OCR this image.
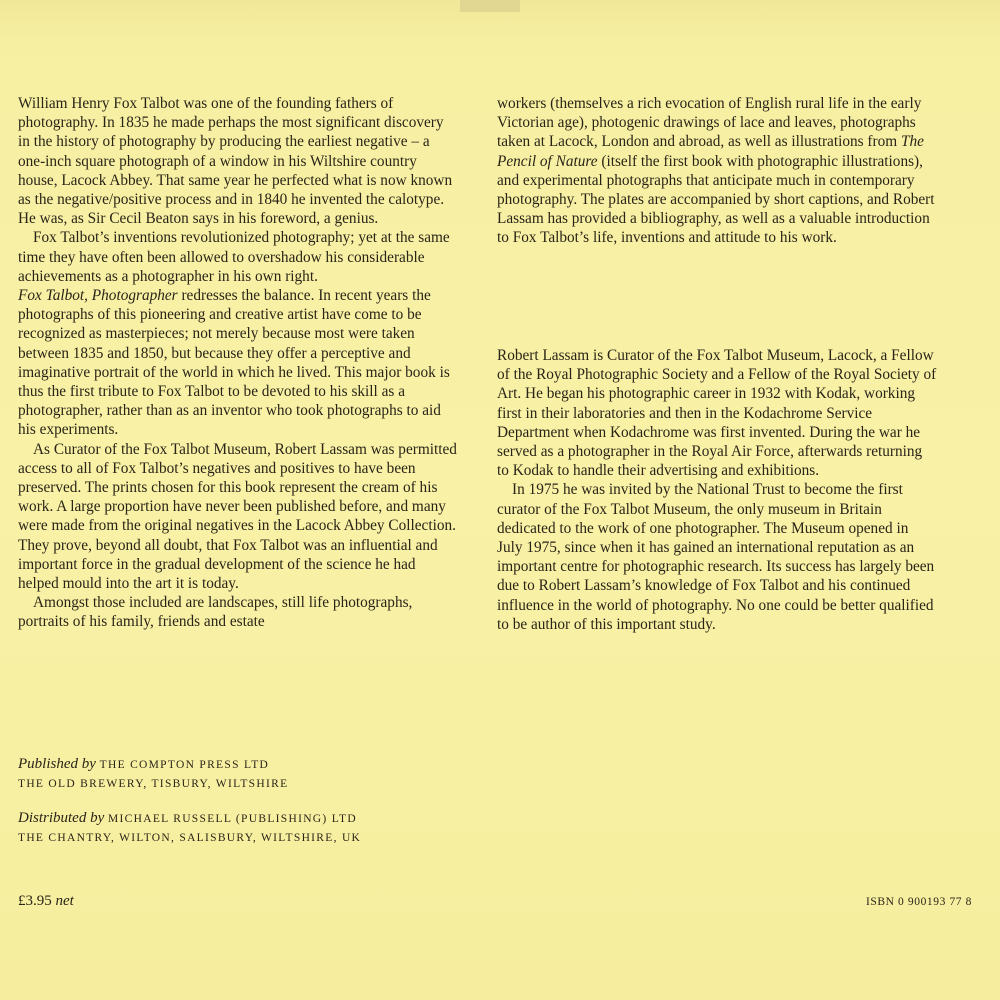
William Henry Fox Talbot was one of the founding fathers of photography. In 1835 he made perhaps the most significant discovery in the history of photography by producing the earliest negative – a one-inch square photograph of a window in his Wiltshire country house, Lacock Abbey. That same year he perfected what is now known as the negative/positive process and in 1840 he invented the calotype. He was, as Sir Cecil Beaton says in his foreword, a genius.

Fox Talbot’s inventions revolutionized photography; yet at the same time they have often been allowed to overshadow his considerable achievements as a photographer in his own right.
Fox Talbot, Photographer redresses the balance. In recent years the photographs of this pioneering and creative artist have come to be recognized as masterpieces; not merely because most were taken between 1835 and 1850, but because they offer a perceptive and imaginative portrait of the world in which he lived. This major book is thus the first tribute to Fox Talbot to be devoted to his skill as a photographer, rather than as an inventor who took photographs to aid his experiments.

As Curator of the Fox Talbot Museum, Robert Lassam was permitted access to all of Fox Talbot’s negatives and positives to have been preserved. The prints chosen for this book represent the cream of his work. A large proportion have never been published before, and many were made from the original negatives in the Lacock Abbey Collection. They prove, beyond all doubt, that Fox Talbot was an influential and important force in the gradual development of the science he had helped mould into the art it is today.

Amongst those included are landscapes, still life photographs, portraits of his family, friends and estate

workers (themselves a rich evocation of English rural life in the early Victorian age), photogenic drawings of lace and leaves, photographs taken at Lacock, London and abroad, as well as illustrations from The Pencil of Nature (itself the first book with photographic illustrations), and experimental photographs that anticipate much in contemporary photography. The plates are accompanied by short captions, and Robert Lassam has provided a bibliography, as well as a valuable introduction to Fox Talbot’s life, inventions and attitude to his work.

Robert Lassam is Curator of the Fox Talbot Museum, Lacock, a Fellow of the Royal Photographic Society and a Fellow of the Royal Society of Art. He began his photographic career in 1932 with Kodak, working first in their laboratories and then in the Kodachrome Service Department when Kodachrome was first invented. During the war he served as a photographer in the Royal Air Force, afterwards returning to Kodak to handle their advertising and exhibitions.

In 1975 he was invited by the National Trust to become the first curator of the Fox Talbot Museum, the only museum in Britain dedicated to the work of one photographer. The Museum opened in July 1975, since when it has gained an international reputation as an important centre for photographic research. Its success has largely been due to Robert Lassam’s knowledge of Fox Talbot and his continued influence in the world of photography. No one could be better qualified to be author of this important study.

Published by THE COMPTON PRESS LTD
THE OLD BREWERY, TISBURY, WILTSHIRE
Distributed by MICHAEL RUSSELL (PUBLISHING) LTD
THE CHANTRY, WILTON, SALISBURY, WILTSHIRE, UK
£3.95 net	ISBN 0 900193 77 8
